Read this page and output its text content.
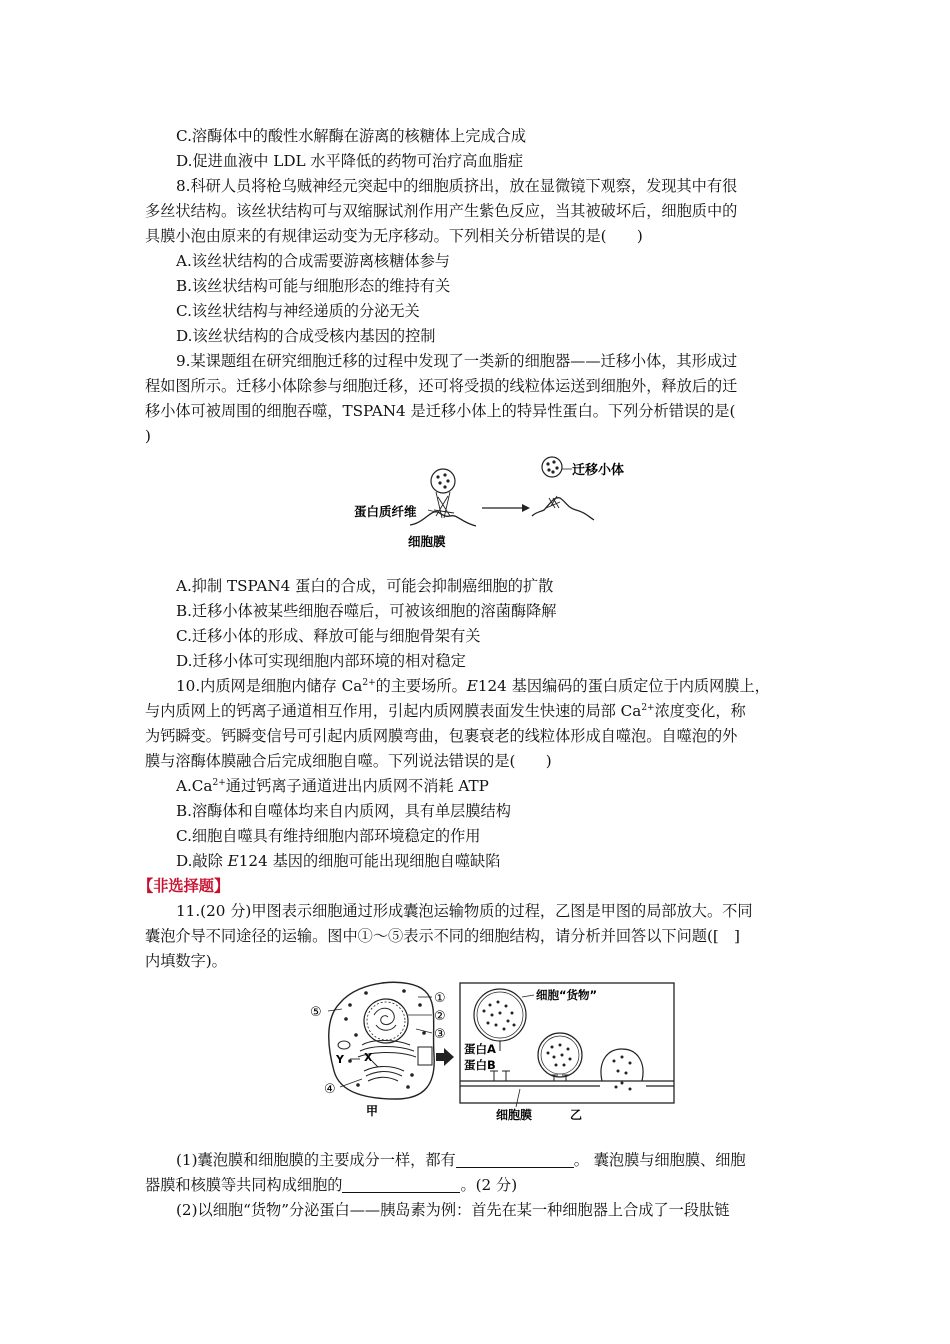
C.溶酶体中的酸性水解酶在游离的核糖体上完成合成
D.促进血液中 LDL 水平降低的药物可治疗高血脂症
8.科研人员将枪乌贼神经元突起中的细胞质挤出，放在显微镜下观察，发现其中有很
多丝状结构。该丝状结构可与双缩脲试剂作用产生紫色反应，当其被破坏后，细胞质中的
具膜小泡由原来的有规律运动变为无序移动。下列相关分析错误的是(　　)
A.该丝状结构的合成需要游离核糖体参与
B.该丝状结构可能与细胞形态的维持有关
C.该丝状结构与神经递质的分泌无关
D.该丝状结构的合成受核内基因的控制
9.某课题组在研究细胞迁移的过程中发现了一类新的细胞器——迁移小体，其形成过
程如图所示。迁移小体除参与细胞迁移，还可将受损的线粒体运送到细胞外，释放后的迁
移小体可被周围的细胞吞噬，TSPAN4 是迁移小体上的特异性蛋白。下列分析错误的是(
)
迁移小体
蛋白质纤维
细胞膜
A.抑制 TSPAN4 蛋白的合成，可能会抑制癌细胞的扩散
B.迁移小体被某些细胞吞噬后，可被该细胞的溶菌酶降解
C.迁移小体的形成、释放可能与细胞骨架有关
D.迁移小体可实现细胞内部环境的相对稳定
10.内质网是细胞内储存 $Ca^{2+}$的主要场所。E124 基因编码的蛋白质定位于内质网膜上，
与内质网上的钙离子通道相互作用，引起内质网膜表面发生快速的局部 $Ca^{2+}$浓度变化，称
为钙瞬变。钙瞬变信号可引起内质网膜弯曲，包裹衰老的线粒体形成自噬泡。自噬泡的外
膜与溶酶体膜融合后完成细胞自噬。下列说法错误的是(　　)
$A.Ca^{2+}$通过钙离子通道进出内质网不消耗 ATP
B.溶酶体和自噬体均来自内质网，具有单层膜结构
C.细胞自噬具有维持细胞内部环境稳定的作用
D.敲除 E124 基因的细胞可能出现细胞自噬缺陷
【非选择题】
11.(20 分)甲图表示细胞通过形成囊泡运输物质的过程，乙图是甲图的局部放大。不同
囊泡介导不同途径的运输。图中①～⑤表示不同的细胞结构，请分析并回答以下问题([　]
内填数字)。
Y X
①
②
③
⑤
④
甲
细胞“货物”
蛋白A
蛋白B
细胞膜	乙
(1)囊泡膜和细胞膜的主要成分一样，都有	。 囊泡膜与细胞膜、细胞
器膜和核膜等共同构成细胞的	。(2 分)
(2)以细胞“货物”分泌蛋白——胰岛素为例：首先在某一种细胞器上合成了一段肽链
